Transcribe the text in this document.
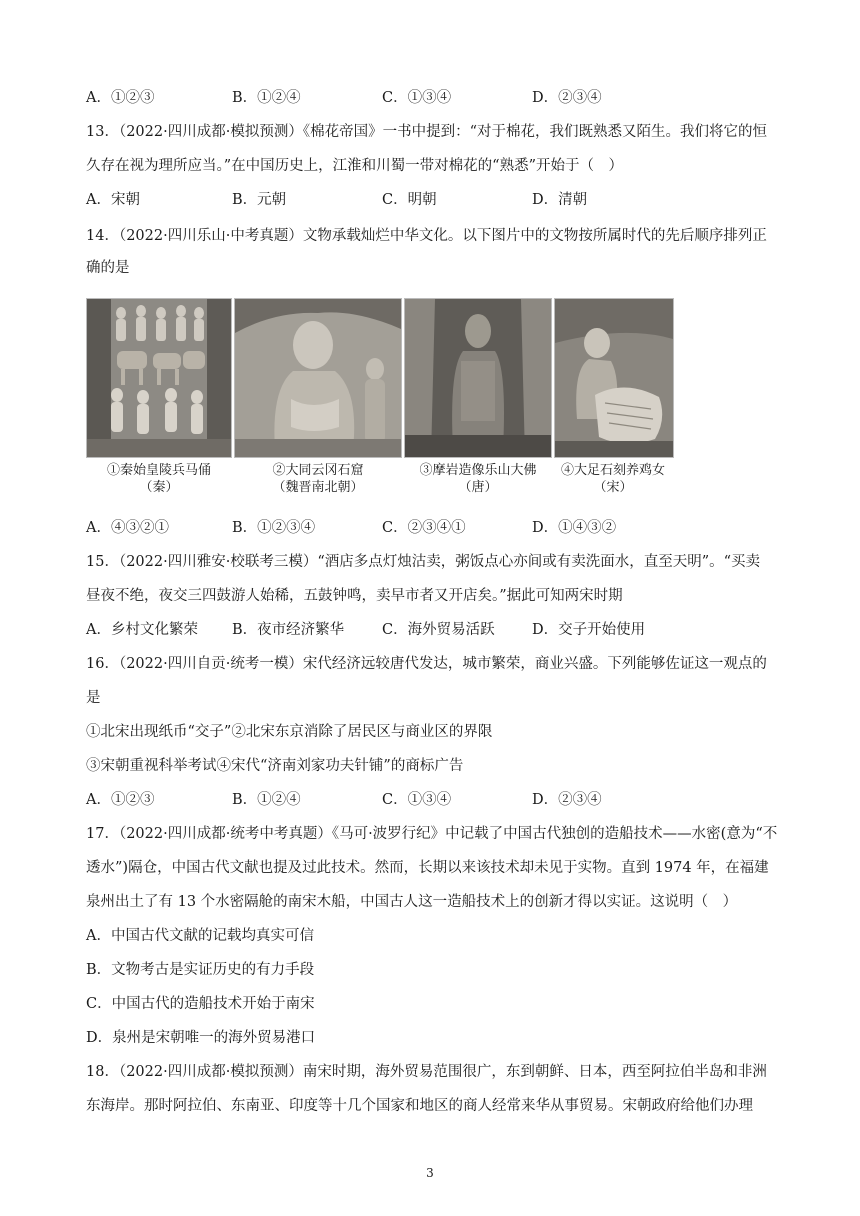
A．①②③	B．①②④	C．①③④	D．②③④
13．（2022·四川成都·模拟预测）《棉花帝国》一书中提到：“对于棉花，我们既熟悉又陌生。我们将它的恒
久存在视为理所应当。”在中国历史上，江淮和川蜀一带对棉花的“熟悉”开始于（　）
A．宋朝	B．元朝	C．明朝	D．清朝
14．（2022·四川乐山·中考真题）文物承载灿烂中华文化。以下图片中的文物按所属时代的先后顺序排列正
确的是
①秦始皇陵兵马俑
（秦）
②大同云冈石窟
（魏晋南北朝）
③摩岩造像乐山大佛
（唐）
④大足石刻养鸡女
（宋）
A．④③②①	B．①②③④	C．②③④①	D．①④③②
15．（2022·四川雅安·校联考三模）“酒店多点灯烛沽卖，粥饭点心亦间或有卖洗面水，直至天明”。“买卖
昼夜不绝，夜交三四鼓游人始稀，五鼓钟鸣，卖早市者又开店矣。”据此可知两宋时期
A．乡村文化繁荣 B．夜市经济繁华	C．海外贸易活跃	D．交子开始使用
16．（2022·四川自贡·统考一模）宋代经济远较唐代发达，城市繁荣，商业兴盛。下列能够佐证这一观点的
是
①北宋出现纸币“交子”②北宋东京消除了居民区与商业区的界限
③宋朝重视科举考试④宋代“济南刘家功夫针铺”的商标广告
A．①②③	B．①②④	C．①③④	D．②③④
17．（2022·四川成都·统考中考真题）《马可·波罗行纪》中记载了中国古代独创的造船技术——水密(意为“不
透水”)隔仓，中国古代文献也提及过此技术。然而，长期以来该技术却未见于实物。直到 1974 年，在福建
泉州出土了有 13 个水密隔舱的南宋木船，中国古人这一造船技术上的创新才得以实证。这说明（　）
A．中国古代文献的记载均真实可信
B．文物考古是实证历史的有力手段
C．中国古代的造船技术开始于南宋
D．泉州是宋朝唯一的海外贸易港口
18．（2022·四川成都·模拟预测）南宋时期，海外贸易范围很广，东到朝鲜、日本，西至阿拉伯半岛和非洲
东海岸。那时阿拉伯、东南亚、印度等十几个国家和地区的商人经常来华从事贸易。宋朝政府给他们办理
3
